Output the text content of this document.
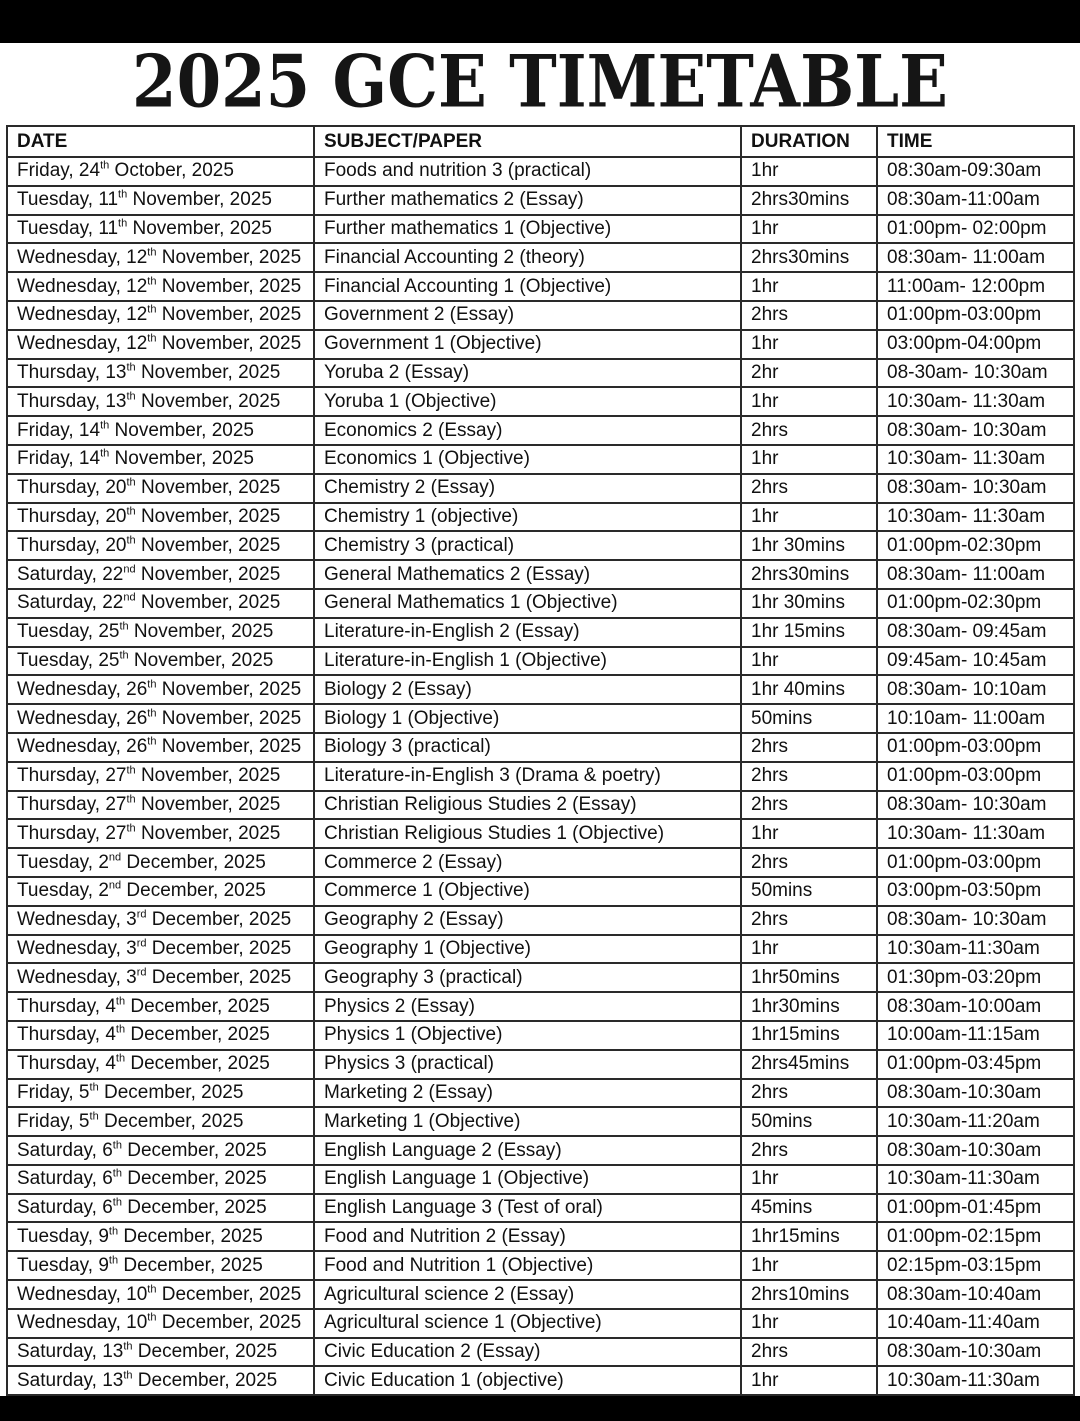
2025 GCE TIMETABLE
DATE	SUBJECT/PAPER	DURATION	TIME
Friday, 24th October, 2025	Foods and nutrition 3 (practical)	1hr	08:30am-09:30am
Tuesday, 11th November, 2025	Further mathematics 2 (Essay)	2hrs30mins	08:30am-11:00am
Tuesday, 11th November, 2025	Further mathematics 1 (Objective)	1hr	01:00pm- 02:00pm
Wednesday, 12th November, 2025	Financial Accounting 2 (theory)	2hrs30mins	08:30am- 11:00am
Wednesday, 12th November, 2025	Financial Accounting 1 (Objective)	1hr	11:00am- 12:00pm
Wednesday, 12th November, 2025	Government 2 (Essay)	2hrs	01:00pm-03:00pm
Wednesday, 12th November, 2025	Government 1 (Objective)	1hr	03:00pm-04:00pm
Thursday, 13th November, 2025	Yoruba 2 (Essay)	2hr	08-30am- 10:30am
Thursday, 13th November, 2025	Yoruba 1 (Objective)	1hr	10:30am- 11:30am
Friday, 14th November, 2025	Economics 2 (Essay)	2hrs	08:30am- 10:30am
Friday, 14th November, 2025	Economics 1 (Objective)	1hr	10:30am- 11:30am
Thursday, 20th November, 2025	Chemistry 2 (Essay)	2hrs	08:30am- 10:30am
Thursday, 20th November, 2025	Chemistry 1 (objective)	1hr	10:30am- 11:30am
Thursday, 20th November, 2025	Chemistry 3 (practical)	1hr 30mins	01:00pm-02:30pm
Saturday, 22nd November, 2025	General Mathematics 2 (Essay)	2hrs30mins	08:30am- 11:00am
Saturday, 22nd November, 2025	General Mathematics 1 (Objective)	1hr 30mins	01:00pm-02:30pm
Tuesday, 25th November, 2025	Literature-in-English 2 (Essay)	1hr 15mins	08:30am- 09:45am
Tuesday, 25th November, 2025	Literature-in-English 1 (Objective)	1hr	09:45am- 10:45am
Wednesday, 26th November, 2025	Biology 2 (Essay)	1hr 40mins	08:30am- 10:10am
Wednesday, 26th November, 2025	Biology 1 (Objective)	50mins	10:10am- 11:00am
Wednesday, 26th November, 2025	Biology 3 (practical)	2hrs	01:00pm-03:00pm
Thursday, 27th November, 2025	Literature-in-English 3 (Drama & poetry)	2hrs	01:00pm-03:00pm
Thursday, 27th November, 2025	Christian Religious Studies 2 (Essay)	2hrs	08:30am- 10:30am
Thursday, 27th November, 2025	Christian Religious Studies 1 (Objective)	1hr	10:30am- 11:30am
Tuesday, 2nd December, 2025	Commerce 2 (Essay)	2hrs	01:00pm-03:00pm
Tuesday, 2nd December, 2025	Commerce 1 (Objective)	50mins	03:00pm-03:50pm
Wednesday, 3rd December, 2025	Geography 2 (Essay)	2hrs	08:30am- 10:30am
Wednesday, 3rd December, 2025	Geography 1 (Objective)	1hr	10:30am-11:30am
Wednesday, 3rd December, 2025	Geography 3 (practical)	1hr50mins	01:30pm-03:20pm
Thursday, 4th December, 2025	Physics 2 (Essay)	1hr30mins	08:30am-10:00am
Thursday, 4th December, 2025	Physics 1 (Objective)	1hr15mins	10:00am-11:15am
Thursday, 4th December, 2025	Physics 3 (practical)	2hrs45mins	01:00pm-03:45pm
Friday, 5th December, 2025	Marketing 2 (Essay)	2hrs	08:30am-10:30am
Friday, 5th December, 2025	Marketing 1 (Objective)	50mins	10:30am-11:20am
Saturday, 6th December, 2025	English Language 2 (Essay)	2hrs	08:30am-10:30am
Saturday, 6th December, 2025	English Language 1 (Objective)	1hr	10:30am-11:30am
Saturday, 6th December, 2025	English Language 3 (Test of oral)	45mins	01:00pm-01:45pm
Tuesday, 9th December, 2025	Food and Nutrition 2 (Essay)	1hr15mins	01:00pm-02:15pm
Tuesday, 9th December, 2025	Food and Nutrition 1 (Objective)	1hr	02:15pm-03:15pm
Wednesday, 10th December, 2025	Agricultural science 2 (Essay)	2hrs10mins	08:30am-10:40am
Wednesday, 10th December, 2025	Agricultural science 1 (Objective)	1hr	10:40am-11:40am
Saturday, 13th December, 2025	Civic Education 2 (Essay)	2hrs	08:30am-10:30am
Saturday, 13th December, 2025	Civic Education 1 (objective)	1hr	10:30am-11:30am
